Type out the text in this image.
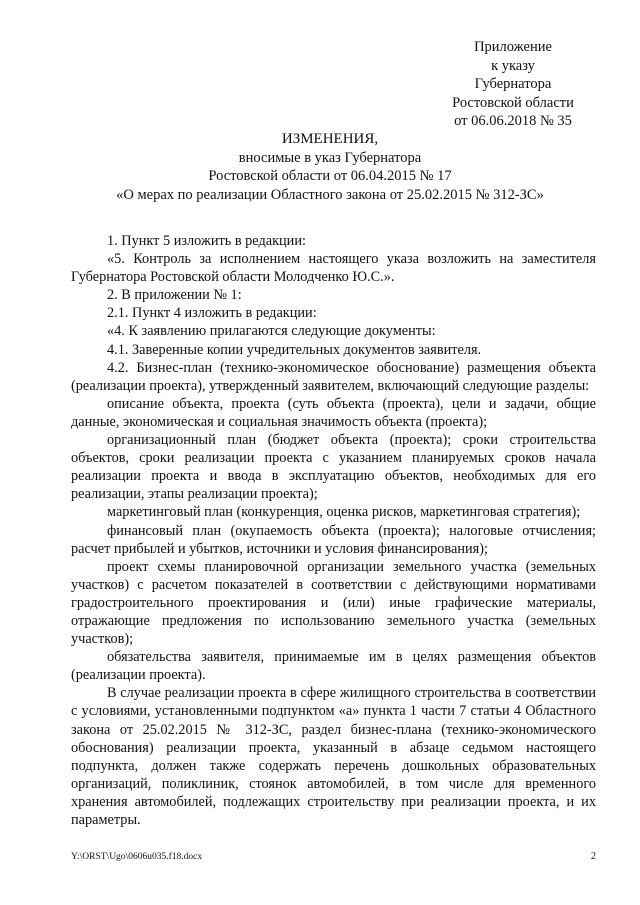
Приложение
к указу
Губернатора
Ростовской области
от 06.06.2018 № 35
ИЗМЕНЕНИЯ,
вносимые в указ Губернатора
Ростовской области от 06.04.2015 № 17
«О мерах по реализации Областного закона от 25.02.2015 № 312-ЗС»

1. Пункт 5 изложить в редакции:

«5. Контроль за исполнением настоящего указа возложить на заместителя Губернатора Ростовской области Молодченко Ю.С.».

2. В приложении № 1:

2.1. Пункт 4 изложить в редакции:

«4. К заявлению прилагаются следующие документы:

4.1. Заверенные копии учредительных документов заявителя.

4.2. Бизнес-план (технико-экономическое обоснование) размещения объекта (реализации проекта), утвержденный заявителем, включающий следующие разделы:

описание объекта, проекта (суть объекта (проекта), цели и задачи, общие данные, экономическая и социальная значимость объекта (проекта);

организационный план (бюджет объекта (проекта); сроки строительства объектов, сроки реализации проекта с указанием планируемых сроков начала реализации проекта и ввода в эксплуатацию объектов, необходимых для его реализации, этапы реализации проекта);

маркетинговый план (конкуренция, оценка рисков, маркетинговая стратегия);

финансовый план (окупаемость объекта (проекта); налоговые отчисления; расчет прибылей и убытков, источники и условия финансирования);

проект схемы планировочной организации земельного участка (земельных участков) с расчетом показателей в соответствии с действующими нормативами градостроительного проектирования и (или) иные графические материалы, отражающие предложения по использованию земельного участка (земельных участков);

обязательства заявителя, принимаемые им в целях размещения объектов (реализации проекта).

В случае реализации проекта в сфере жилищного строительства в соответствии с условиями, установленными подпунктом «а» пункта 1 части 7 статьи 4 Областного закона от 25.02.2015 № 312-ЗС, раздел бизнес-плана (технико-экономического обоснования) реализации проекта, указанный в абзаце седьмом настоящего подпункта, должен также содержать перечень дошкольных образовательных организаций, поликлиник, стоянок автомобилей, в том числе для временного хранения автомобилей, подлежащих строительству при реализации проекта, и их параметры.

Y:\ORST\Ugo\0606u035.f18.docx	2
